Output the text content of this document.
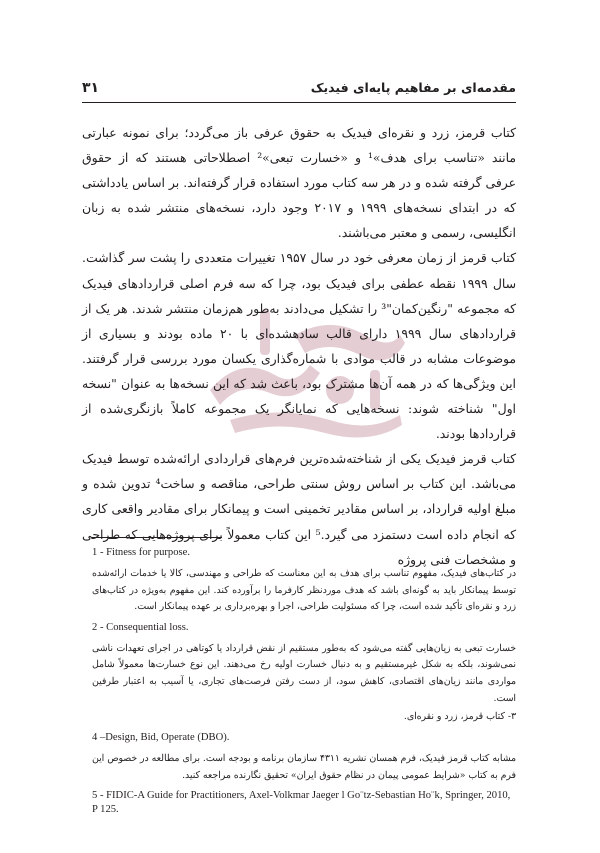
۳۱	مقدمه‌ای بر مفاهیم پایه‌ای فیدیک

کتاب قرمز، زرد و نقره‌ای فیدیک به حقوق عرفی باز می‌گردد؛ برای نمونه عبارتی مانند «تناسب برای هدف»¹ و «خسارت تبعی»² اصطلاحاتی هستند که از حقوق عرفی گرفته شده و در هر سه کتاب مورد استفاده قرار گرفته‌اند. بر اساس یادداشتی که در ابتدای نسخه‌های ۱۹۹۹ و ۲۰۱۷ وجود دارد، نسخه‌های منتشر شده به زبان انگلیسی، رسمی و معتبر می‌باشند.

کتاب قرمز از زمان معرفی خود در سال ۱۹۵۷ تغییرات متعددی را پشت سر گذاشت. سال ۱۹۹۹ نقطه عطفی برای فیدیک بود، چرا که سه فرم اصلی قراردادهای فیدیک که مجموعه "رنگین‌کمان"³ را تشکیل می‌دادند به‌طور هم‌زمان منتشر شدند. هر یک از قراردادهای سال ۱۹۹۹ دارای قالب سادهشده‌ای با ۲۰ ماده بودند و بسیاری از موضوعات مشابه در قالب موادی با شماره‌گذاری یکسان مورد بررسی قرار گرفتند. این ویژگی‌ها که در همه آن‌ها مشترک بود، باعث شد که این نسخه‌ها به عنوان "نسخه اول" شناخته شوند: نسخه‌هایی که نمایانگر یک مجموعه کاملاً بازنگری‌شده از قراردادها بودند.

کتاب قرمز فیدیک یکی از شناخته‌شده‌ترین فرم‌های قراردادی ارائه‌شده توسط فیدیک می‌باشد. این کتاب بر اساس روش سنتی طراحی، مناقصه و ساخت⁴ تدوین شده و مبلغ اولیه قرارداد، بر اساس مقادیر تخمینی است و پیمانکار برای مقادیر واقعی کاری که انجام داده است دستمزد می گیرد.⁵ این کتاب معمولاً برای پروژه‌هایی که طراحی و مشخصات فنی پروژه

1 - Fitness for purpose.
در کتاب‌های فیدیک، مفهوم تناسب برای هدف به این معناست که طراحی و مهندسی، کالا یا خدمات ارائه‌شده توسط پیمانکار باید به گونه‌ای باشد که هدف موردنظر کارفرما را برآورده کند. این مفهوم به‌ویژه در کتاب‌های زرد و نقره‌ای تأکید شده است، چرا که مسئولیت طراحی، اجرا و بهره‌برداری بر عهده پیمانکار است.
2 - Consequential loss.
خسارت تبعی به زیان‌هایی گفته می‌شود که به‌طور مستقیم از نقض قرارداد یا کوتاهی در اجرای تعهدات ناشی نمی‌شوند، بلکه به شکل غیرمستقیم و به دنبال خسارت اولیه رخ می‌دهند. این نوع خسارت‌ها معمولاً شامل مواردی مانند زیان‌های اقتصادی، کاهش سود، از دست رفتن فرصت‌های تجاری، یا آسیب به اعتبار طرفین است.
۳- کتاب قرمز، زرد و نقره‌ای.
4 –Design, Bid, Operate (DBO).
مشابه کتاب قرمز فیدیک، فرم همسان نشریه ۴۳۱۱ سازمان برنامه و بودجه است. برای مطالعه در خصوص این فرم به کتاب «شرایط عمومی پیمان در نظام حقوق ایران» تحقیق نگارنده مراجعه کنید.
5 - FIDIC-A Guide for Practitioners, Axel-Volkmar Jaeger l Go¨tz-Sebastian Ho¨k, Springer, 2010, P 125.
